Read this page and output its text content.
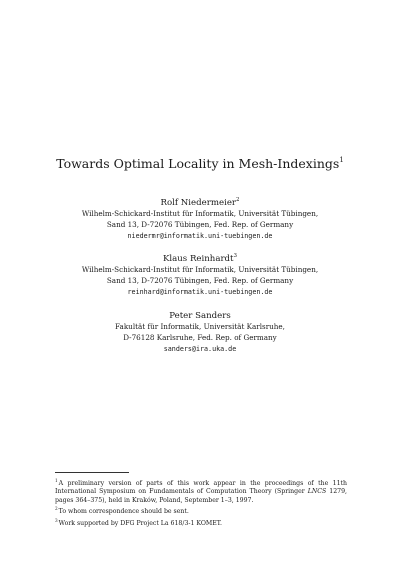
Towards Optimal Locality in Mesh-Indexings$^1$
Rolf Niedermeier$^2$
Wilhelm-Schickard-Institut für Informatik, Universität Tübingen,
Sand 13, D-72076 Tübingen, Fed. Rep. of Germany
niedermr@informatik.uni-tuebingen.de
Klaus Reinhardt$^3$
Wilhelm-Schickard-Institut für Informatik, Universität Tübingen,
Sand 13, D-72076 Tübingen, Fed. Rep. of Germany
reinhard@informatik.uni-tuebingen.de
Peter Sanders
Fakultät für Informatik, Universität Karlsruhe,
D-76128 Karlsruhe, Fed. Rep. of Germany
sanders@ira.uka.de
$^1$A preliminary version of parts of this work appear in the proceedings of the 11th International Symposium on Fundamentals of Computation Theory (Springer LNCS 1279, pages 364–375), held in Kraków, Poland, September 1–3, 1997.
$^2$To whom correspondence should be sent.
$^3$Work supported by DFG Project La 618/3-1 KOMET.
